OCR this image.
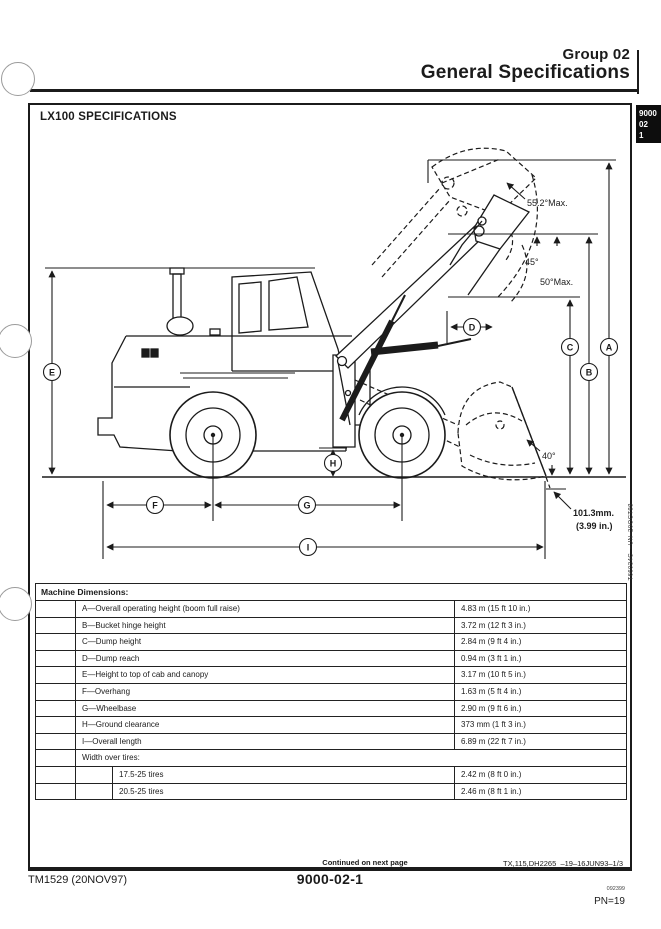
Group 02
General Specifications
9000
02
1
LX100 SPECIFICATIONS
E
A
B
C
D
F	G
H
I
55.2°Max.
45°
50°Max.
40°
101.3mm.
(3.99 in.)	T66034C  –UN–20OCT88
Machine Dimensions:
A—Overall operating height (boom full raise)	4.83 m (15 ft 10 in.)
B—Bucket hinge height	3.72 m (12 ft 3 in.)
C—Dump height	2.84 m (9 ft 4 in.)
D—Dump reach	0.94 m (3 ft 1 in.)
E—Height to top of cab and canopy	3.17 m (10 ft 5 in.)
F—Overhang	1.63 m (5 ft 4 in.)
G—Wheelbase	2.90 m (9 ft 6 in.)
H—Ground clearance	373 mm (1 ft 3 in.)
I—Overall length	6.89 m (22 ft 7 in.)
Width over tires:
17.5-25 tires	2.42 m (8 ft 0 in.)
20.5-25 tires	2.46 m (8 ft 1 in.)
Continued on next page	TX,115,DH2265  –19–16JUN93–1/3
TM1529 (20NOV97)	9000-02-1
092399
PN=19
